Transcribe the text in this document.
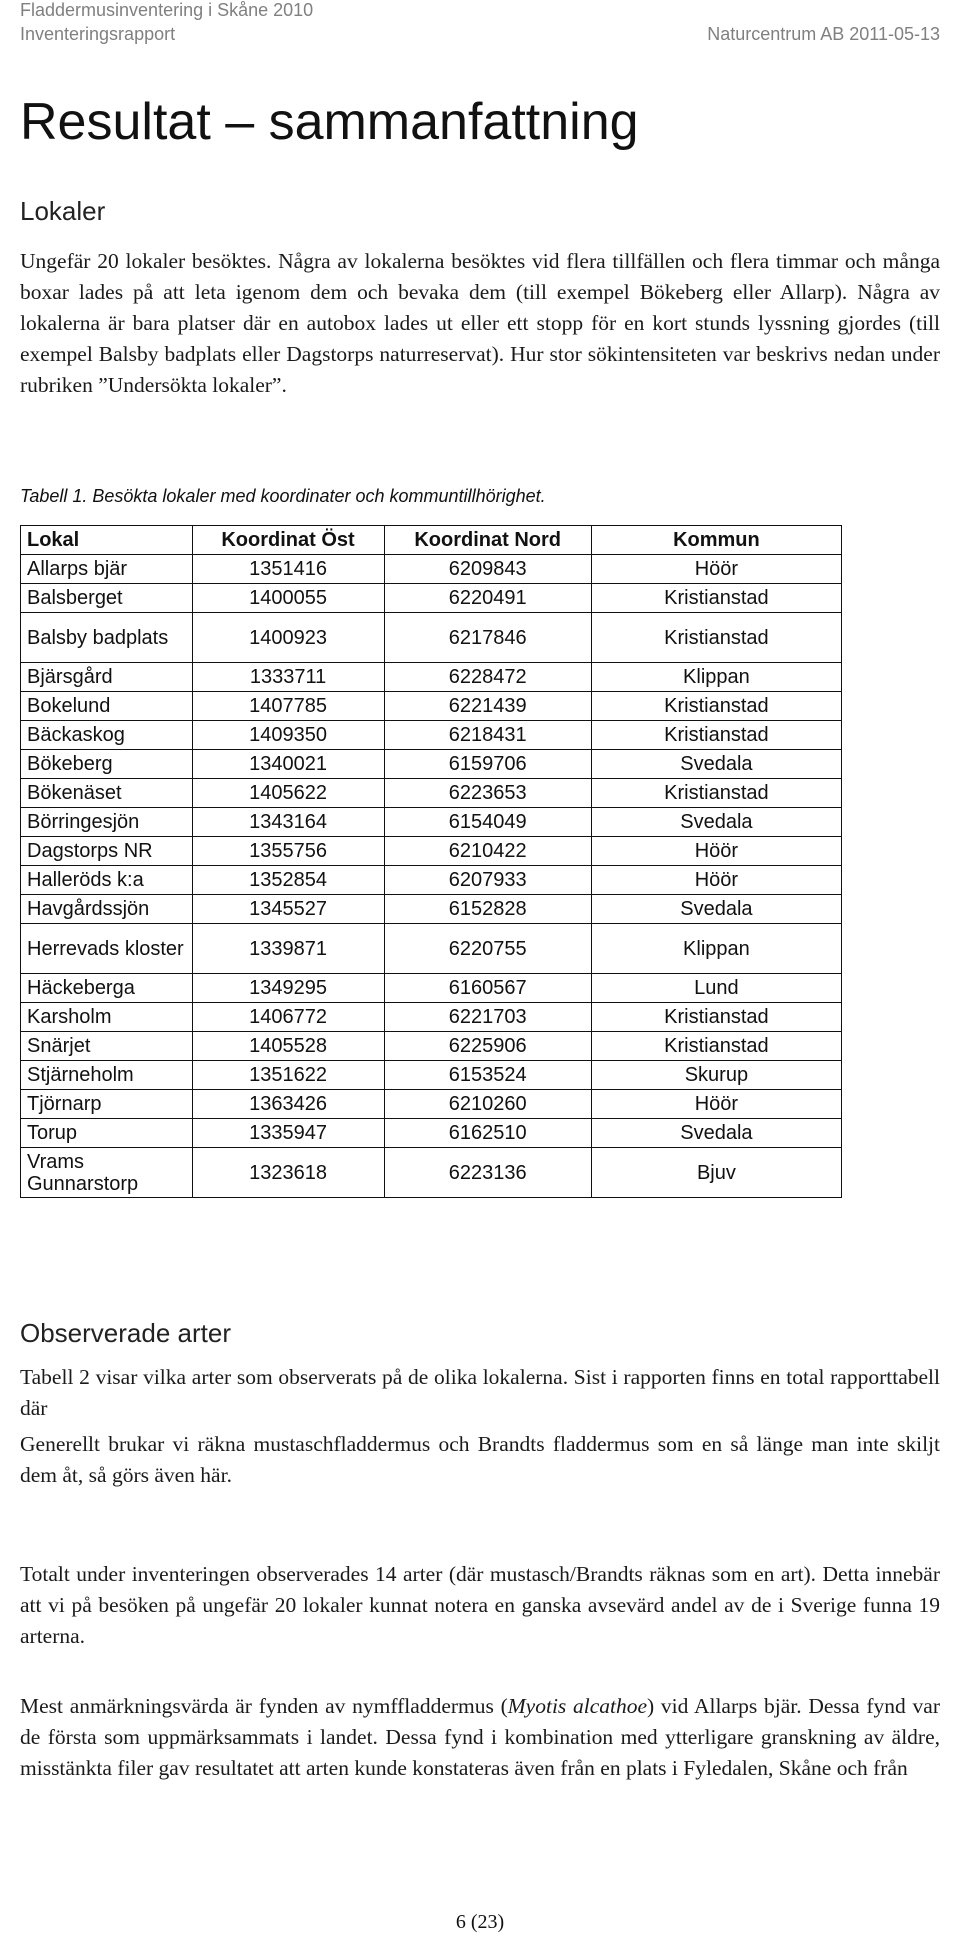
Fladdermusinventering i Skåne 2010
Inventeringsrapport	Naturcentrum AB 2011-05-13
Resultat – sammanfattning
Lokaler
Ungefär 20 lokaler besöktes. Några av lokalerna besöktes vid flera tillfällen och flera timmar och många boxar lades på att leta igenom dem och bevaka dem (till exempel Bökeberg eller Allarp). Några av lokalerna är bara platser där en autobox lades ut eller ett stopp för en kort stunds lyssning gjordes (till exempel Balsby badplats eller Dagstorps naturreservat). Hur stor sökintensiteten var beskrivs nedan under rubriken ”Undersökta lokaler”.
Tabell 1. Besökta lokaler med koordinater och kommuntillhörighet.
Lokal	Koordinat Öst	Koordinat Nord	Kommun
Allarps bjär	1351416	6209843	Höör
Balsberget	1400055	6220491	Kristianstad
Balsby badplats	1400923	6217846	Kristianstad
Bjärsgård	1333711	6228472	Klippan
Bokelund	1407785	6221439	Kristianstad
Bäckaskog	1409350	6218431	Kristianstad
Bökeberg	1340021	6159706	Svedala
Bökenäset	1405622	6223653	Kristianstad
Börringesjön	1343164	6154049	Svedala
Dagstorps NR	1355756	6210422	Höör
Halleröds k:a	1352854	6207933	Höör
Havgårdssjön	1345527	6152828	Svedala
Herrevads kloster	1339871	6220755	Klippan
Häckeberga	1349295	6160567	Lund
Karsholm	1406772	6221703	Kristianstad
Snärjet	1405528	6225906	Kristianstad
Stjärneholm	1351622	6153524	Skurup
Tjörnarp	1363426	6210260	Höör
Torup	1335947	6162510	Svedala
Vrams Gunnarstorp	1323618	6223136	Bjuv
Observerade arter
Tabell 2 visar vilka arter som observerats på de olika lokalerna. Sist i rapporten finns en total rapporttabell där
Generellt brukar vi räkna mustaschfladdermus och Brandts fladdermus som en så länge man inte skiljt dem åt, så görs även här.
Totalt under inventeringen observerades 14 arter (där mustasch/Brandts räknas som en art). Detta innebär att vi på besöken på ungefär 20 lokaler kunnat notera en ganska avsevärd andel av de i Sverige funna 19 arterna.
Mest anmärkningsvärda är fynden av nymffladdermus (Myotis alcathoe) vid Allarps bjär. Dessa fynd var de första som uppmärksammats i landet. Dessa fynd i kombination med ytterligare granskning av äldre, misstänkta filer gav resultatet att arten kunde konstateras även från en plats i Fyledalen, Skåne och från
6 (23)
